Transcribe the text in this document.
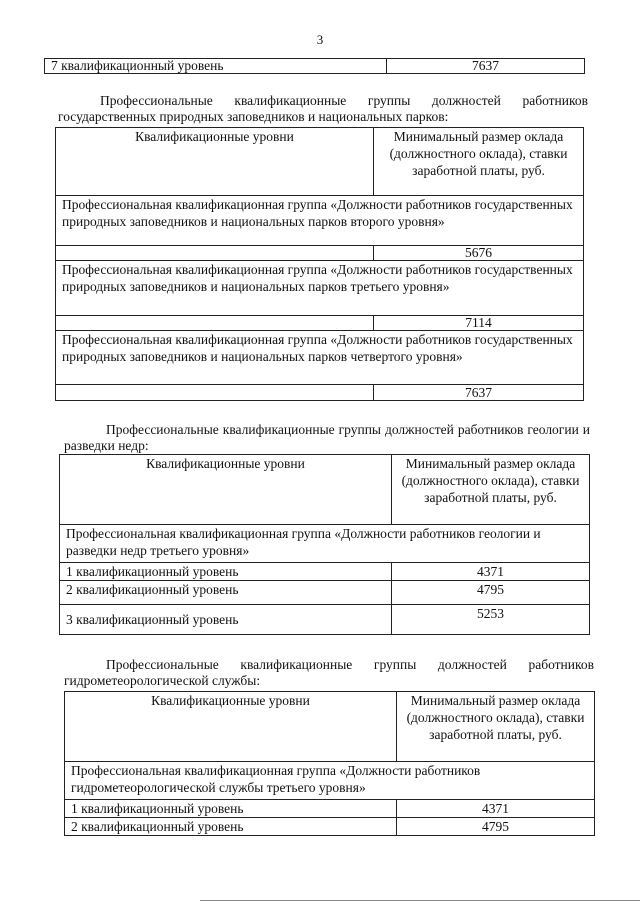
3
7 квалификационный уровень	7637
Профессиональные квалификационные группы должностей работников государственных природных заповедников и национальных парков:
Квалификационные уровни	Минимальный размер оклада (должностного оклада), ставки заработной платы, руб.
Профессиональная квалификационная группа «Должности работников государственных природных заповедников и национальных парков второго уровня»	
	5676
Профессиональная квалификационная группа «Должности работников государственных природных заповедников и национальных парков третьего уровня»	
	7114
Профессиональная квалификационная группа «Должности работников государственных природных заповедников и национальных парков четвертого уровня»	
	7637
Профессиональные квалификационные группы должностей работников геологии и разведки недр:
Квалификационные уровни	Минимальный размер оклада (должностного оклада), ставки заработной платы, руб.
Профессиональная квалификационная группа «Должности работников геологии и разведки недр третьего уровня»	
1 квалификационный уровень	4371
2 квалификационный уровень	4795
3 квалификационный уровень	5253
Профессиональные квалификационные группы должностей работников гидрометеорологической службы:
Квалификационные уровни	Минимальный размер оклада (должностного оклада), ставки заработной платы, руб.
Профессиональная квалификационная группа «Должности работников гидрометеорологической службы третьего уровня»	
1 квалификационный уровень	4371
2 квалификационный уровень	4795
